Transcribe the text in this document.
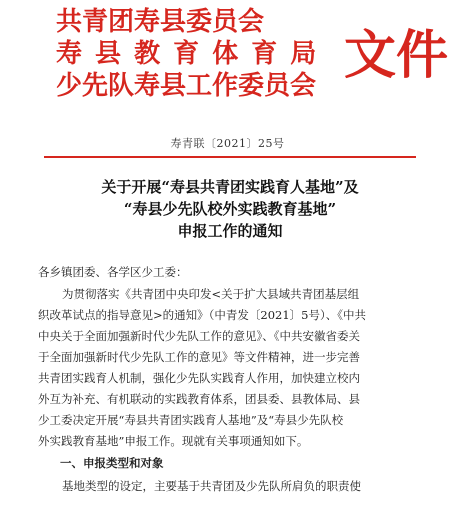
共青团寿县委员会
寿 县 教 育 体 育 局
少先队寿县工作委员会 文件
寿青联〔2021〕25号
关于开展“寿县共青团实践育人基地”及
“寿县少先队校外实践教育基地”
申报工作的通知
各乡镇团委、各学区少工委：
为贯彻落实《共青团中央印发<关于扩大县域共青团基层组
织改革试点的指导意见>的通知》（中青发〔2021〕5号）、《中共
中央关于全面加强新时代少先队工作的意见》、《中共安徽省委关
于全面加强新时代少先队工作的意见》等文件精神，进一步完善
共青团实践育人机制，强化少先队实践育人作用，加快建立校内
外互为补充、有机联动的实践教育体系，团县委、县教体局、县
少工委决定开展“寿县共青团实践育人基地”及“寿县少先队校
外实践教育基地”申报工作。现就有关事项通知如下。
一、申报类型和对象
基地类型的设定，主要基于共青团及少先队所肩负的职责使
